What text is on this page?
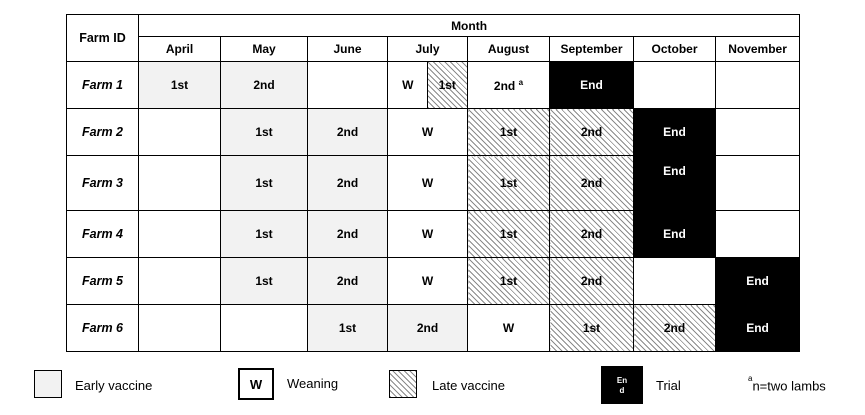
Farm ID	Month							
	April	May	June	July	August	September	October	November
Farm 1	1st	2nd		W 1st	2nd $^a$	End		
Farm 2		1st	2nd	W	1st	2nd	End	
Farm 3		1st	2nd	W	1st	2nd	End	
Farm 4		1st	2nd	W	1st	2nd	End	
Farm 5		1st	2nd	W	1st	2nd		End
Farm 6			1st	2nd	W	1st	2nd	End
Early vaccine	W	Weaning	Late vaccine	En
d	Trial	$^a$n=two lambs
